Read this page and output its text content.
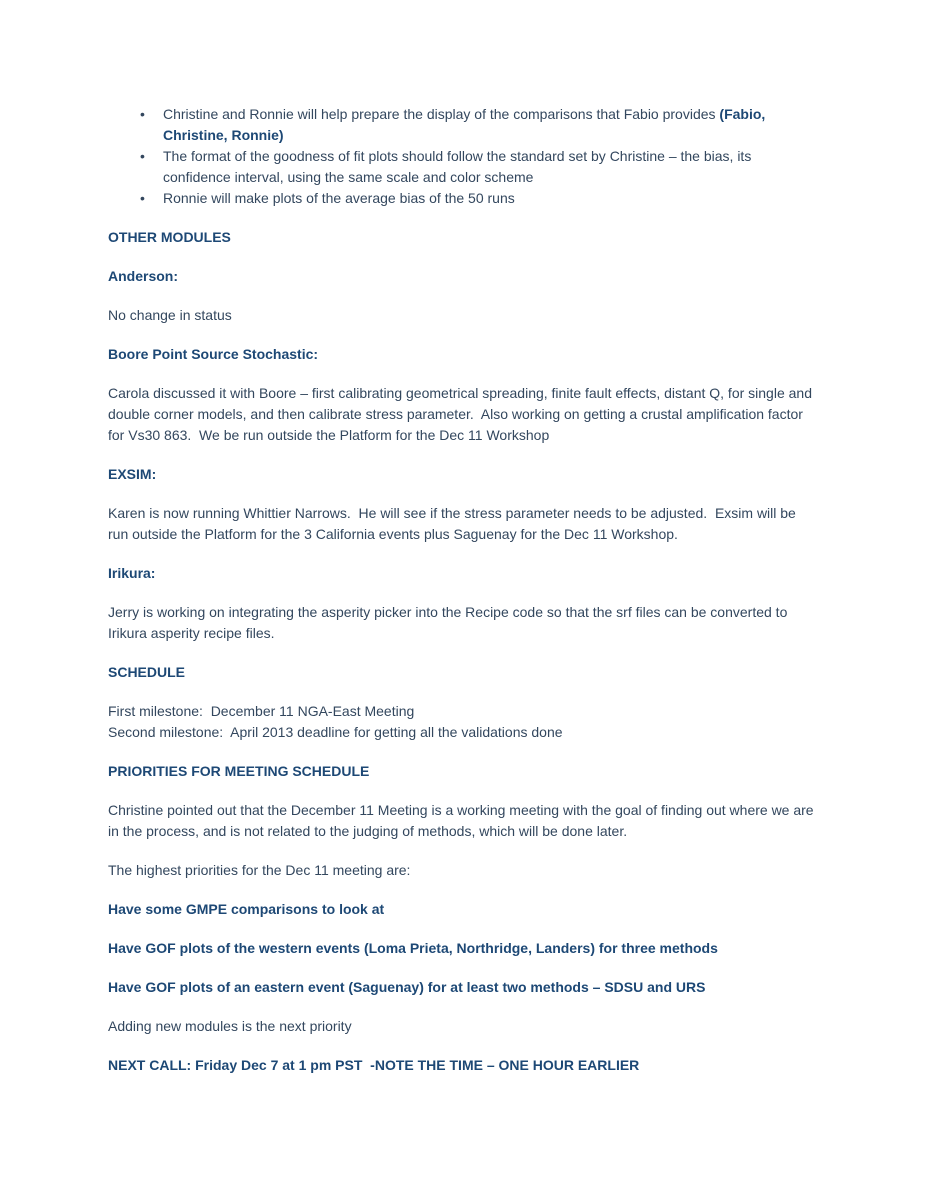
•	Christine and Ronnie will help prepare the display of the comparisons that Fabio provides (Fabio, Christine, Ronnie)
•	The format of the goodness of fit plots should follow the standard set by Christine – the bias, its confidence interval, using the same scale and color scheme
•	Ronnie will make plots of the average bias of the 50 runs

OTHER MODULES

Anderson:

No change in status

Boore Point Source Stochastic:

Carola discussed it with Boore – first calibrating geometrical spreading, finite fault effects, distant Q, for single and double corner models, and then calibrate stress parameter.  Also working on getting a crustal amplification factor for Vs30 863.  We be run outside the Platform for the Dec 11 Workshop

EXSIM:

Karen is now running Whittier Narrows.  He will see if the stress parameter needs to be adjusted.  Exsim will be run outside the Platform for the 3 California events plus Saguenay for the Dec 11 Workshop.

Irikura:

Jerry is working on integrating the asperity picker into the Recipe code so that the srf files can be converted to Irikura asperity recipe files.

SCHEDULE

First milestone:  December 11 NGA-East Meeting
Second milestone:  April 2013 deadline for getting all the validations done

PRIORITIES FOR MEETING SCHEDULE

Christine pointed out that the December 11 Meeting is a working meeting with the goal of finding out where we are in the process, and is not related to the judging of methods, which will be done later.

The highest priorities for the Dec 11 meeting are:

Have some GMPE comparisons to look at

Have GOF plots of the western events (Loma Prieta, Northridge, Landers) for three methods

Have GOF plots of an eastern event (Saguenay) for at least two methods – SDSU and URS

Adding new modules is the next priority

NEXT CALL: Friday Dec 7 at 1 pm PST  -NOTE THE TIME – ONE HOUR EARLIER
